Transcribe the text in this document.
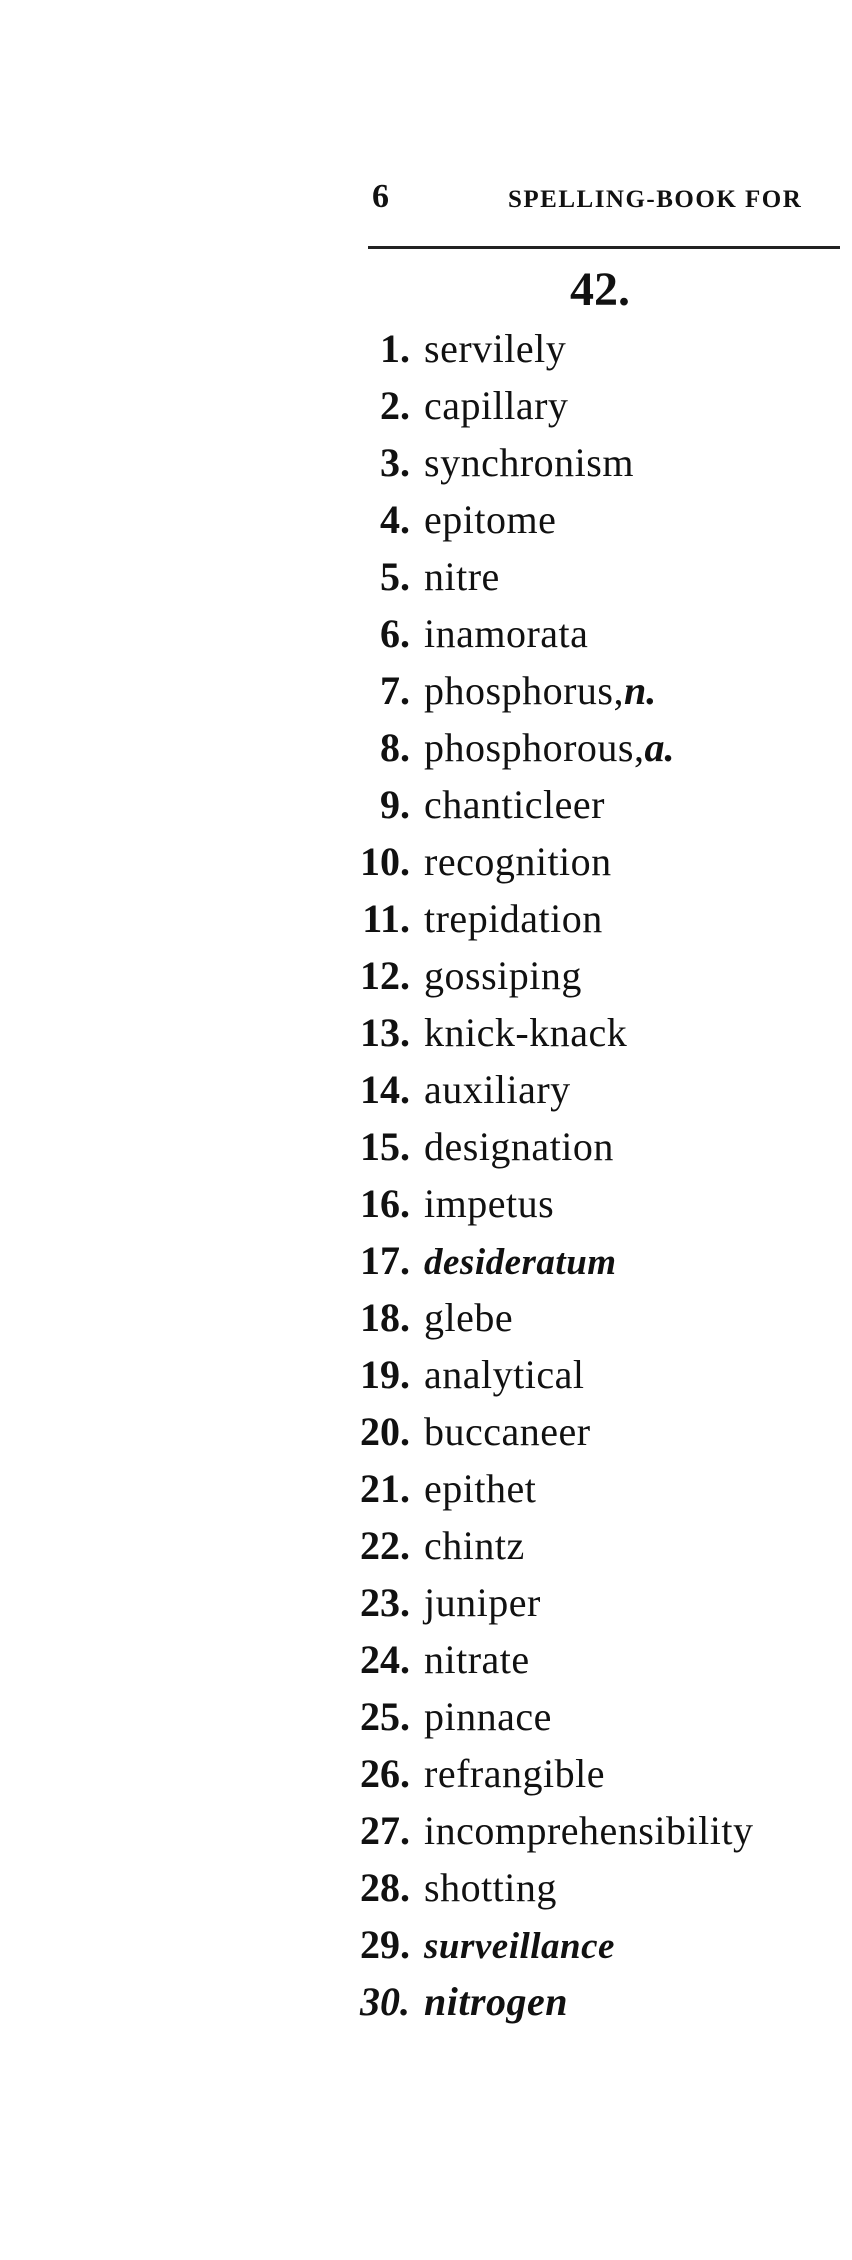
6	SPELLING-BOOK FOR
42.
1. servilely
2. capillary
3. synchronism
4. epitome
5. nitre
6. inamorata
7. phosphorus, n.
8. phosphorous, a.
9. chanticleer
10. recognition
11. trepidation
12. gossiping
13. knick-knack
14. auxiliary
15. designation
16. impetus
17. desideratum
18. glebe
19. analytical
20. buccaneer
21. epithet
22. chintz
23. juniper
24. nitrate
25. pinnace
26. refrangible
27. incomprehensibility
28. shotting
29. surveillance
30. nitrogen
